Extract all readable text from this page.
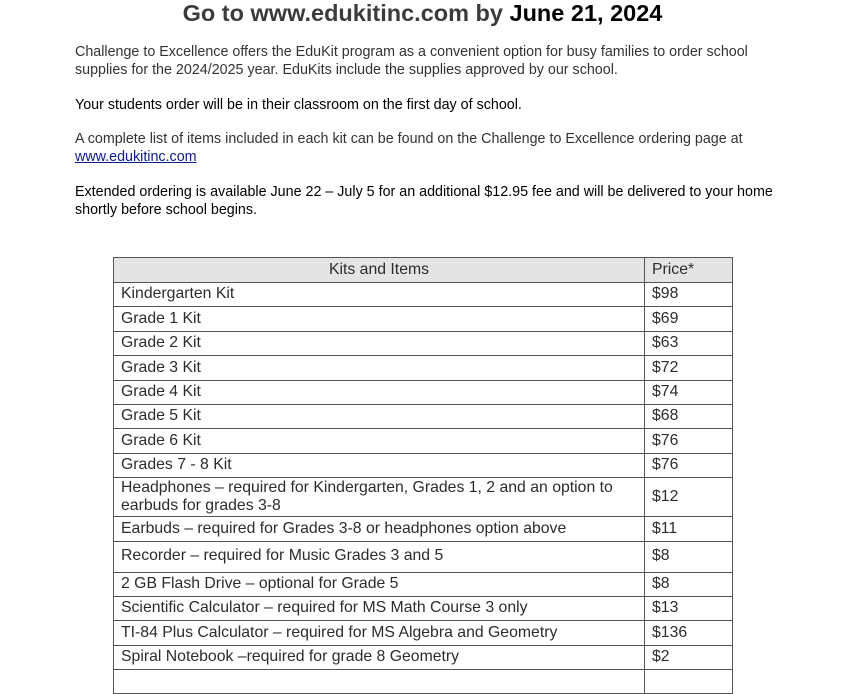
Go to www.edukitinc.com by June 21, 2024

Challenge to Excellence offers the EduKit program as a convenient option for busy families to order school supplies for the 2024/2025 year. EduKits include the supplies approved by our school.

Your students order will be in their classroom on the first day of school.

A complete list of items included in each kit can be found on the Challenge to Excellence ordering page at www.edukitinc.com

Extended ordering is available June 22 – July 5 for an additional $12.95 fee and will be delivered to your home shortly before school begins.

Kits and Items	Price*
Kindergarten Kit	$98
Grade 1 Kit	$69
Grade 2 Kit	$63
Grade 3 Kit	$72
Grade 4 Kit	$74
Grade 5 Kit	$68
Grade 6 Kit	$76
Grades 7 - 8 Kit	$76
Headphones – required for Kindergarten, Grades 1, 2 and an option to earbuds for grades 3-8	$12
Earbuds – required for Grades 3-8 or headphones option above	$11
Recorder – required for Music Grades 3 and 5	$8
2 GB Flash Drive – optional for Grade 5	$8
Scientific Calculator – required for MS Math Course 3 only	$13
TI-84 Plus Calculator – required for MS Algebra and Geometry	$136
Spiral Notebook –required for grade 8 Geometry	$2
